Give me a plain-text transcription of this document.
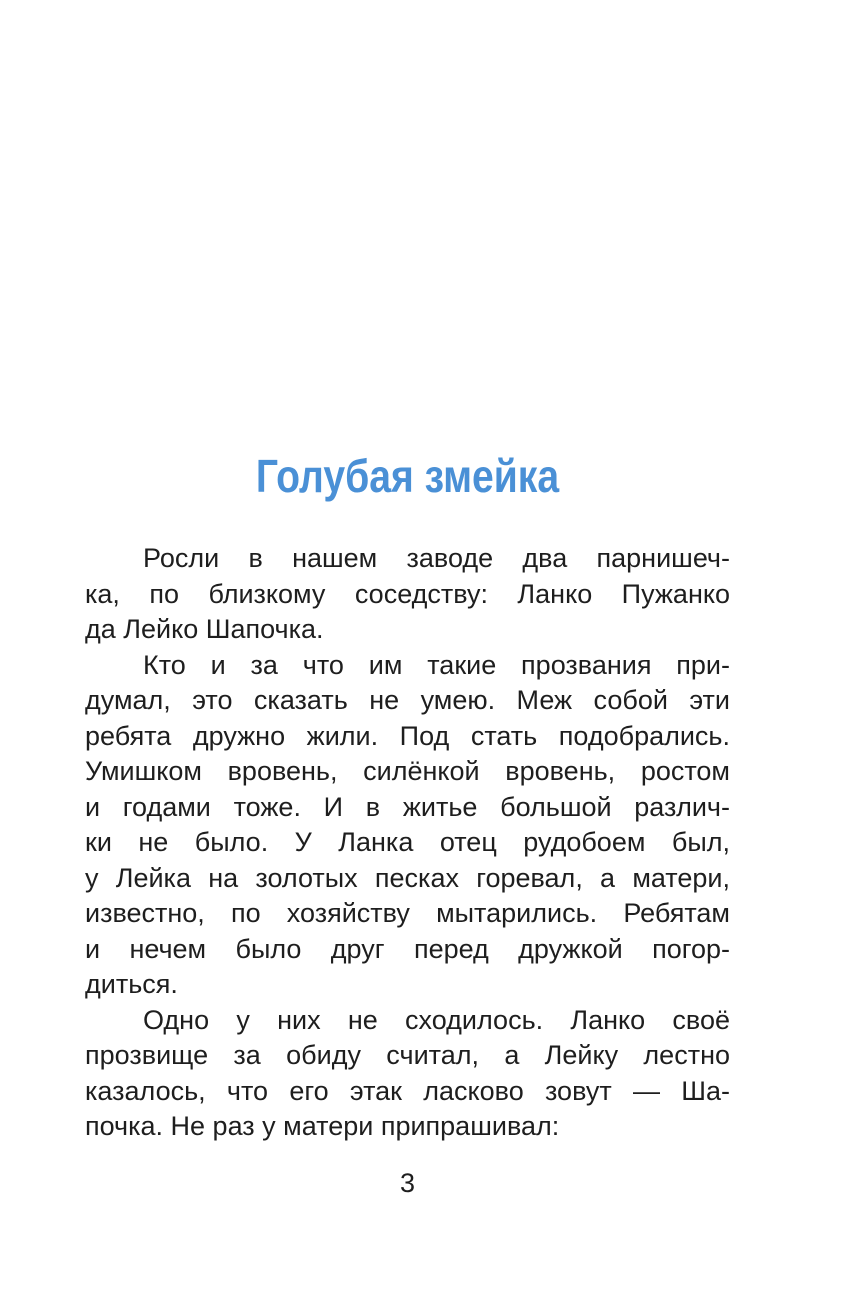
Голубая змейка
Росли в нашем заводе два парнишеч-
ка, по близкому соседству: Ланко Пужанко
да Лейко Шапочка.
Кто и за что им такие прозвания при-
думал, это сказать не умею. Меж собой эти
ребята дружно жили. Под стать подобрались.
Умишком вровень, силёнкой вровень, ростом
и годами тоже. И в житье большой различ-
ки не было. У Ланка отец рудобоем был,
у Лейка на золотых песках горевал, а матери,
известно, по хозяйству мытарились. Ребятам
и нечем было друг перед дружкой погор-
диться.
Одно у них не сходилось. Ланко своё
прозвище за обиду считал, а Лейку лестно
казалось, что его этак ласково зовут — Ша-
почка. Не раз у матери припрашивал:
3
